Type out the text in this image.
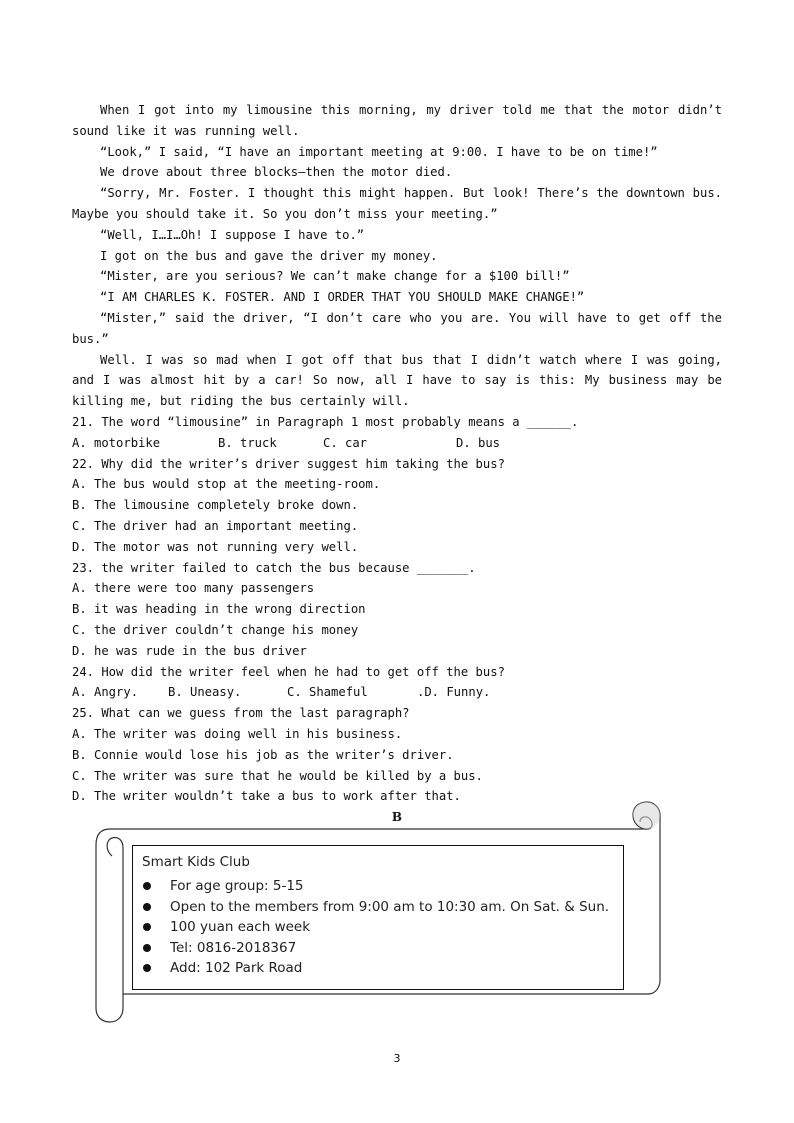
When I got into my limousine this morning, my driver told me that the motor didn’t sound like it was running well.

“Look,” I said, “I have an important meeting at 9:00. I have to be on time!”

We drove about three blocks—then the motor died.

“Sorry, Mr. Foster. I thought this might happen. But look! There’s the downtown bus. Maybe you should take it. So you don’t miss your meeting.”

“Well, I…I…Oh! I suppose I have to.”

I got on the bus and gave the driver my money.

“Mister, are you serious? We can’t make change for a $100 bill!”

“I AM CHARLES K. FOSTER. AND I ORDER THAT YOU SHOULD MAKE CHANGE!”

“Mister,” said the driver, “I don’t care who you are. You will have to get off the bus.”

Well. I was so mad when I got off that bus that I didn’t watch where I was going, and I was almost hit by a car! So now, all I have to say is this: My business may be killing me, but riding the bus certainly will.

21. The word “limousine” in Paragraph 1 most probably means a ______.

A. motorbike	B. truck	C. car	D. bus

22. Why did the writer’s driver suggest him taking the bus?

A. The bus would stop at the meeting-room.

B. The limousine completely broke down.

C. The driver had an important meeting.

D. The motor was not running very well.

23. the writer failed to catch the bus because _______.

A. there were too many passengers

B. it was heading in the wrong direction

C. the driver couldn’t change his money

D. he was rude in the bus driver

24. How did the writer feel when he had to get off the bus?

A. Angry. B. Uneasy.	C. Shameful	.D. Funny.

25. What can we guess from the last paragraph?

A. The writer was doing well in his business.

B. Connie would lose his job as the writer’s driver.

C. The writer was sure that he would be killed by a bus.

D. The writer wouldn’t take a bus to work after that.

B

Smart Kids Club

For age group: 5-15
Open to the members from 9:00 am to 10:30 am. On Sat. & Sun.
100 yuan each week
Tel: 0816-2018367
Add: 102 Park Road
3
